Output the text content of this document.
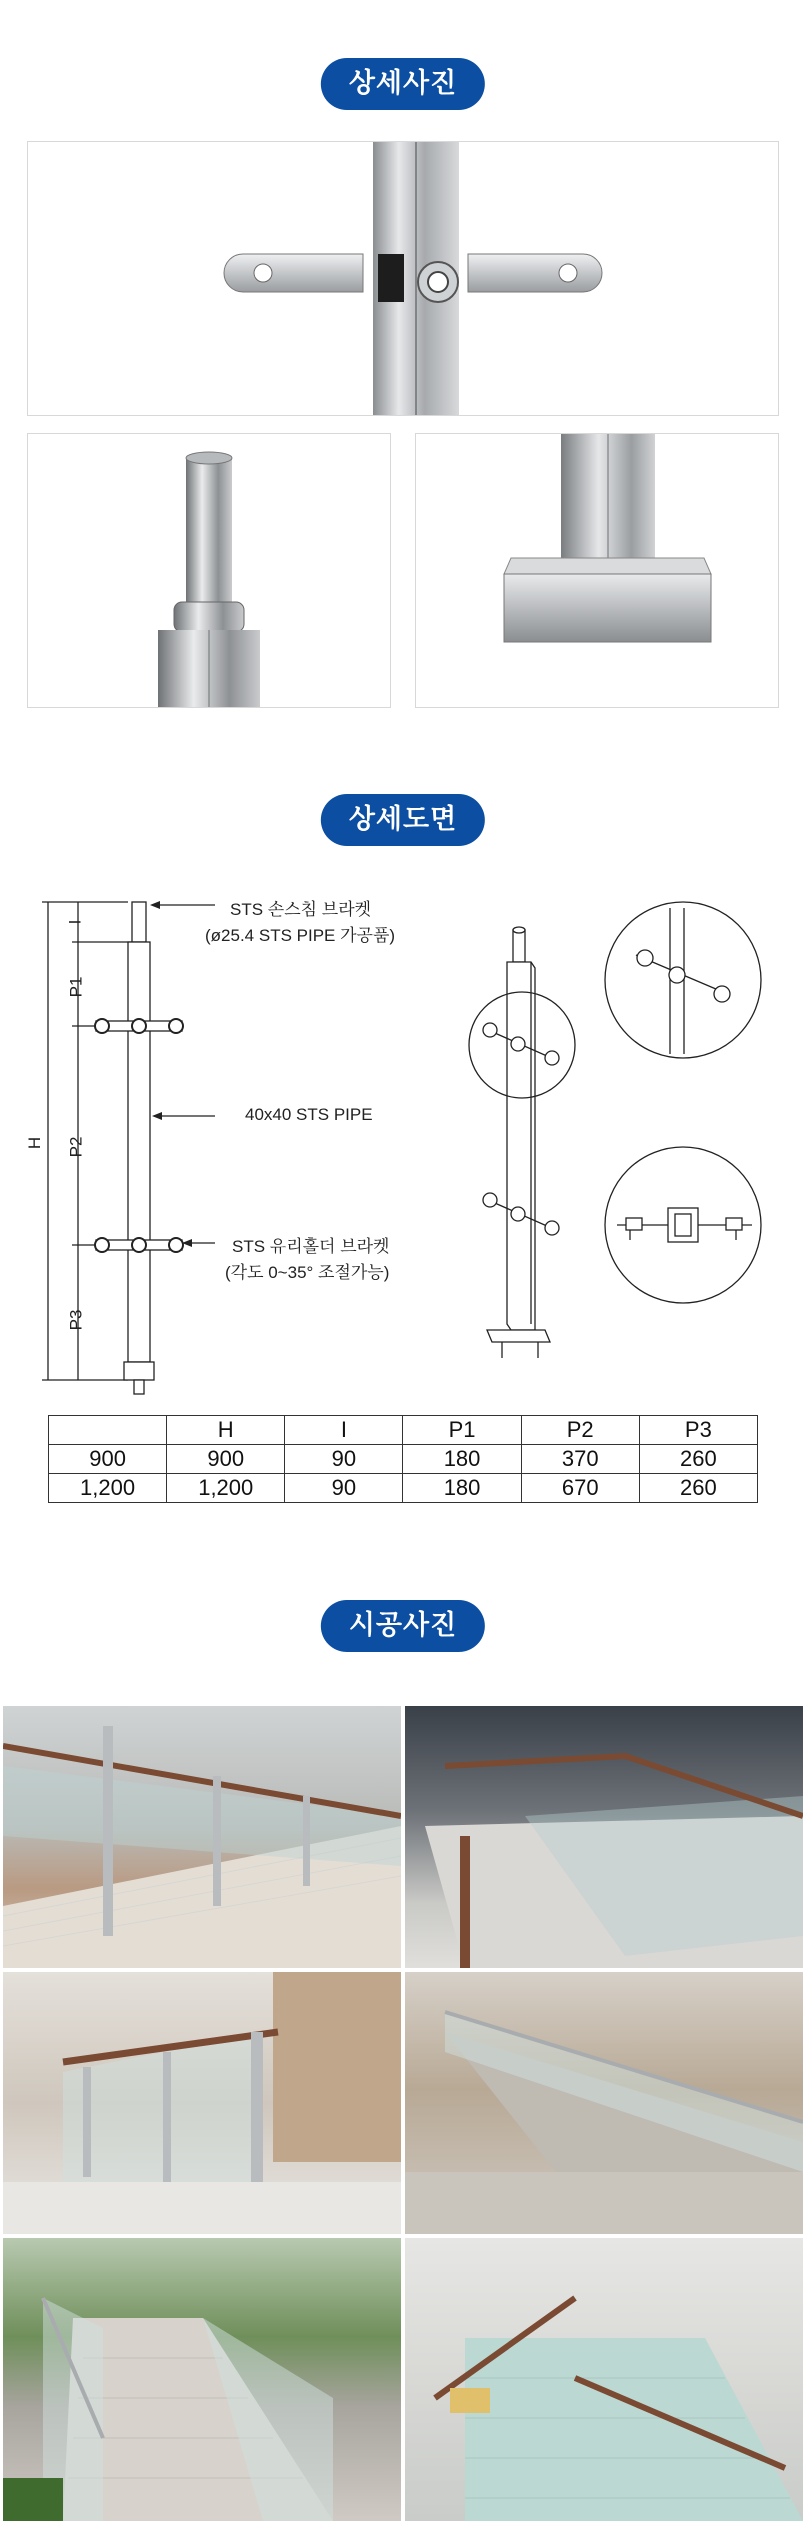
상세사진
상세도면
STS 손스침 브라켓
(ø25.4 STS PIPE 가공품)
40x40 STS PIPE
STS 유리홀더 브라켓
(각도 0~35° 조절가능)
H
I
P1
P2
P3
	H	I	P1	P2	P3
900	900	90	180	370	260
1,200	1,200	90	180	670	260
시공사진
